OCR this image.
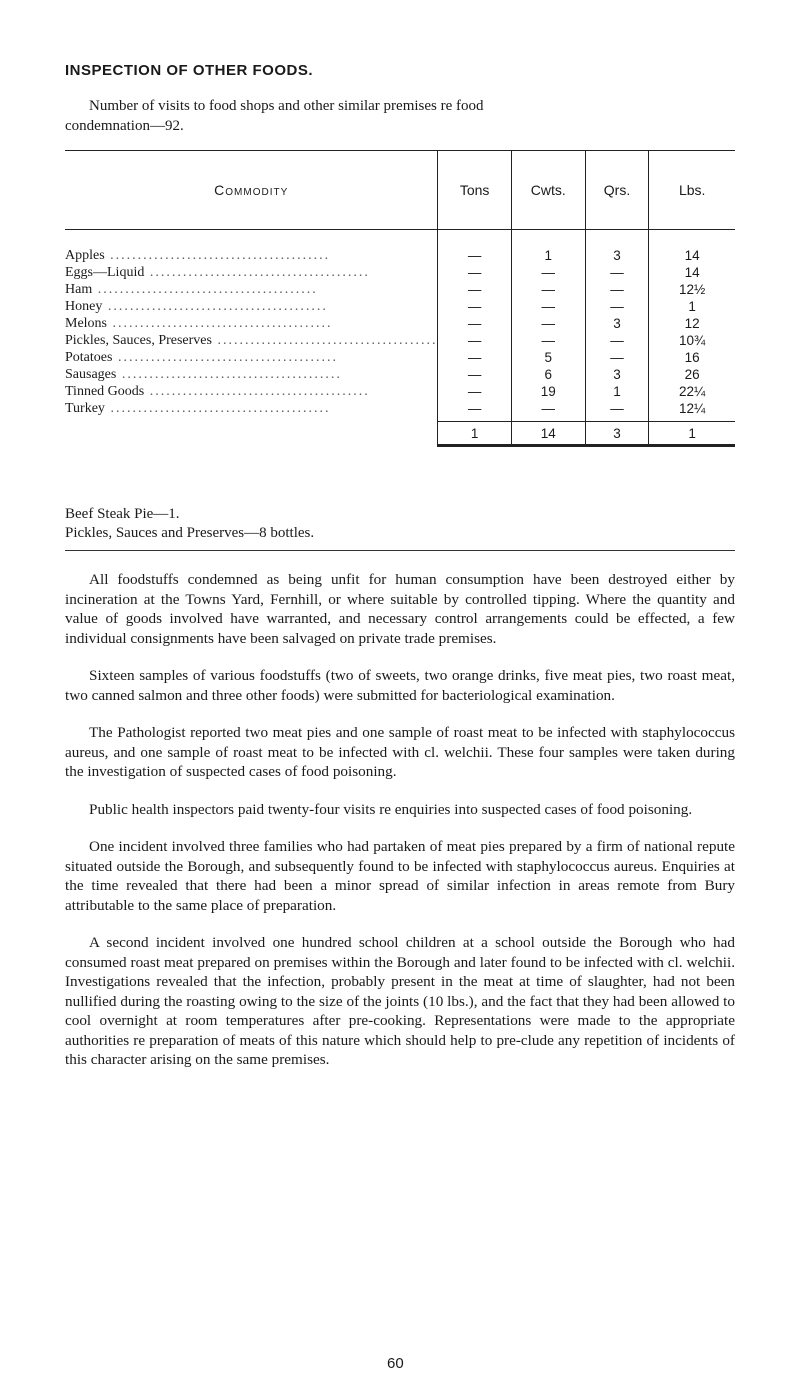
INSPECTION OF OTHER FOODS.

Number of visits to food shops and other similar premises re food

condemnation—92.

Commodity	Tons	Cwts.	Qrs.	Lbs.

Apples ........................................	—	1	3	14
Eggs—Liquid ........................................	—	—	—	14
Ham ........................................	—	—	—	12½
Honey ........................................	—	—	—	1
Melons ........................................	—	—	3	12
Pickles, Sauces, Preserves ........................................	—	—	—	10¾
Potatoes ........................................	—	5	—	16
Sausages ........................................	—	6	3	26
Tinned Goods ........................................	—	19	1	22¼
Turkey ........................................	—	—	—	12¼
	1	14	3	1
Beef Steak Pie—1.
Pickles, Sauces and Preserves—8 bottles.

All foodstuffs condemned as being unfit for human consumption have been destroyed either by incineration at the Towns Yard, Fernhill, or where suitable by controlled tipping. Where the quantity and value of goods involved have warranted, and necessary control arrangements could be effected, a few individual consignments have been salvaged on private trade premises.

Sixteen samples of various foodstuffs (two of sweets, two orange drinks, five meat pies, two roast meat, two canned salmon and three other foods) were submitted for bacteriological examination.

The Pathologist reported two meat pies and one sample of roast meat to be infected with staphylococcus aureus, and one sample of roast meat to be infected with cl. welchii. These four samples were taken during the investigation of suspected cases of food poisoning.

Public health inspectors paid twenty-four visits re enquiries into suspected cases of food poisoning.

One incident involved three families who had partaken of meat pies prepared by a firm of national repute situated outside the Borough, and subsequently found to be infected with staphylococcus aureus. Enquiries at the time revealed that there had been a minor spread of similar infection in areas remote from Bury attributable to the same place of preparation.

A second incident involved one hundred school children at a school outside the Borough who had consumed roast meat prepared on premises within the Borough and later found to be infected with cl. welchii. Investigations revealed that the infection, probably present in the meat at time of slaughter, had not been nullified during the roasting owing to the size of the joints (10 lbs.), and the fact that they had been allowed to cool overnight at room temperatures after pre-cooking. Representations were made to the appropriate authorities re preparation of meats of this nature which should help to pre-clude any repetition of incidents of this character arising on the same premises.

60
